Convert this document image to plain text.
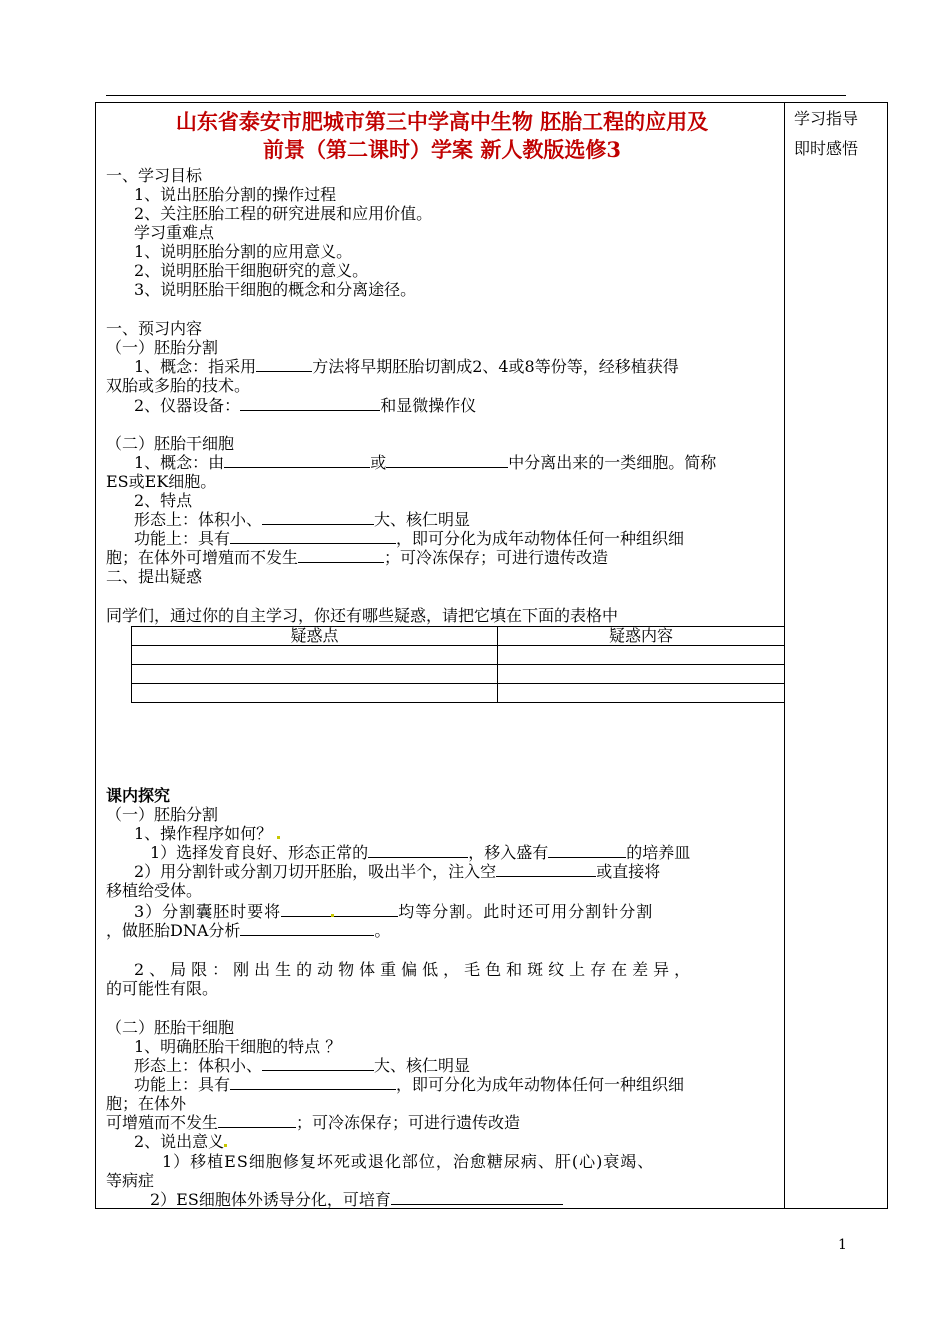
学习指导
即时感悟
山东省泰安市肥城市第三中学高中生物 胚胎工程的应用及
前景（第二课时）学案 新人教版选修3
一、学习目标
1、说出胚胎分割的操作过程
2、关注胚胎工程的研究进展和应用价值。
学习重难点
1、说明胚胎分割的应用意义。
2、说明胚胎干细胞研究的意义。
3、说明胚胎干细胞的概念和分离途径。
一、预习内容
（一）胚胎分割
1、概念：指采用	方法将早期胚胎切割成2、4或8等份等，经移植获得
双胎或多胎的技术。
2、仪器设备：	和显微操作仪
（二）胚胎干细胞
1、概念：由	或	中分离出来的一类细胞。简称
ES或EK细胞。
2、特点
形态上：体积小、	大、核仁明显
功能上：具有	，即可分化为成年动物体任何一种组织细
胞；在体外可增殖而不发生	；可冷冻保存；可进行遗传改造
二、提出疑惑
同学们，通过你的自主学习，你还有哪些疑惑，请把它填在下面的表格中
疑惑点	疑惑内容

课内探究
（一）胚胎分割
1、操作程序如何？
1）选择发育良好、形态正常的	，移入盛有	的培养皿
2）用分割针或分割刀切开胚胎，吸出半个，注入空	或直接将
移植给受体。
3）分割囊胚时要将	均等分割。此时还可用分割针分割
，做胚胎DNA分析	。
2、局限：刚出生的动物体重偏低，毛色和斑纹上存在差异，
的可能性有限。
（二）胚胎干细胞
1、明确胚胎干细胞的特点 ？
形态上：体积小、	大、核仁明显
功能上：具有	，即可分化为成年动物体任何一种组织细
胞；在体外
可增殖而不发生	；可冷冻保存；可进行遗传改造
2、说出意义
1）移植ES细胞修复坏死或退化部位，治愈糖尿病、肝(心)衰竭、
等病症
2）ES细胞体外诱导分化，可培育
1
